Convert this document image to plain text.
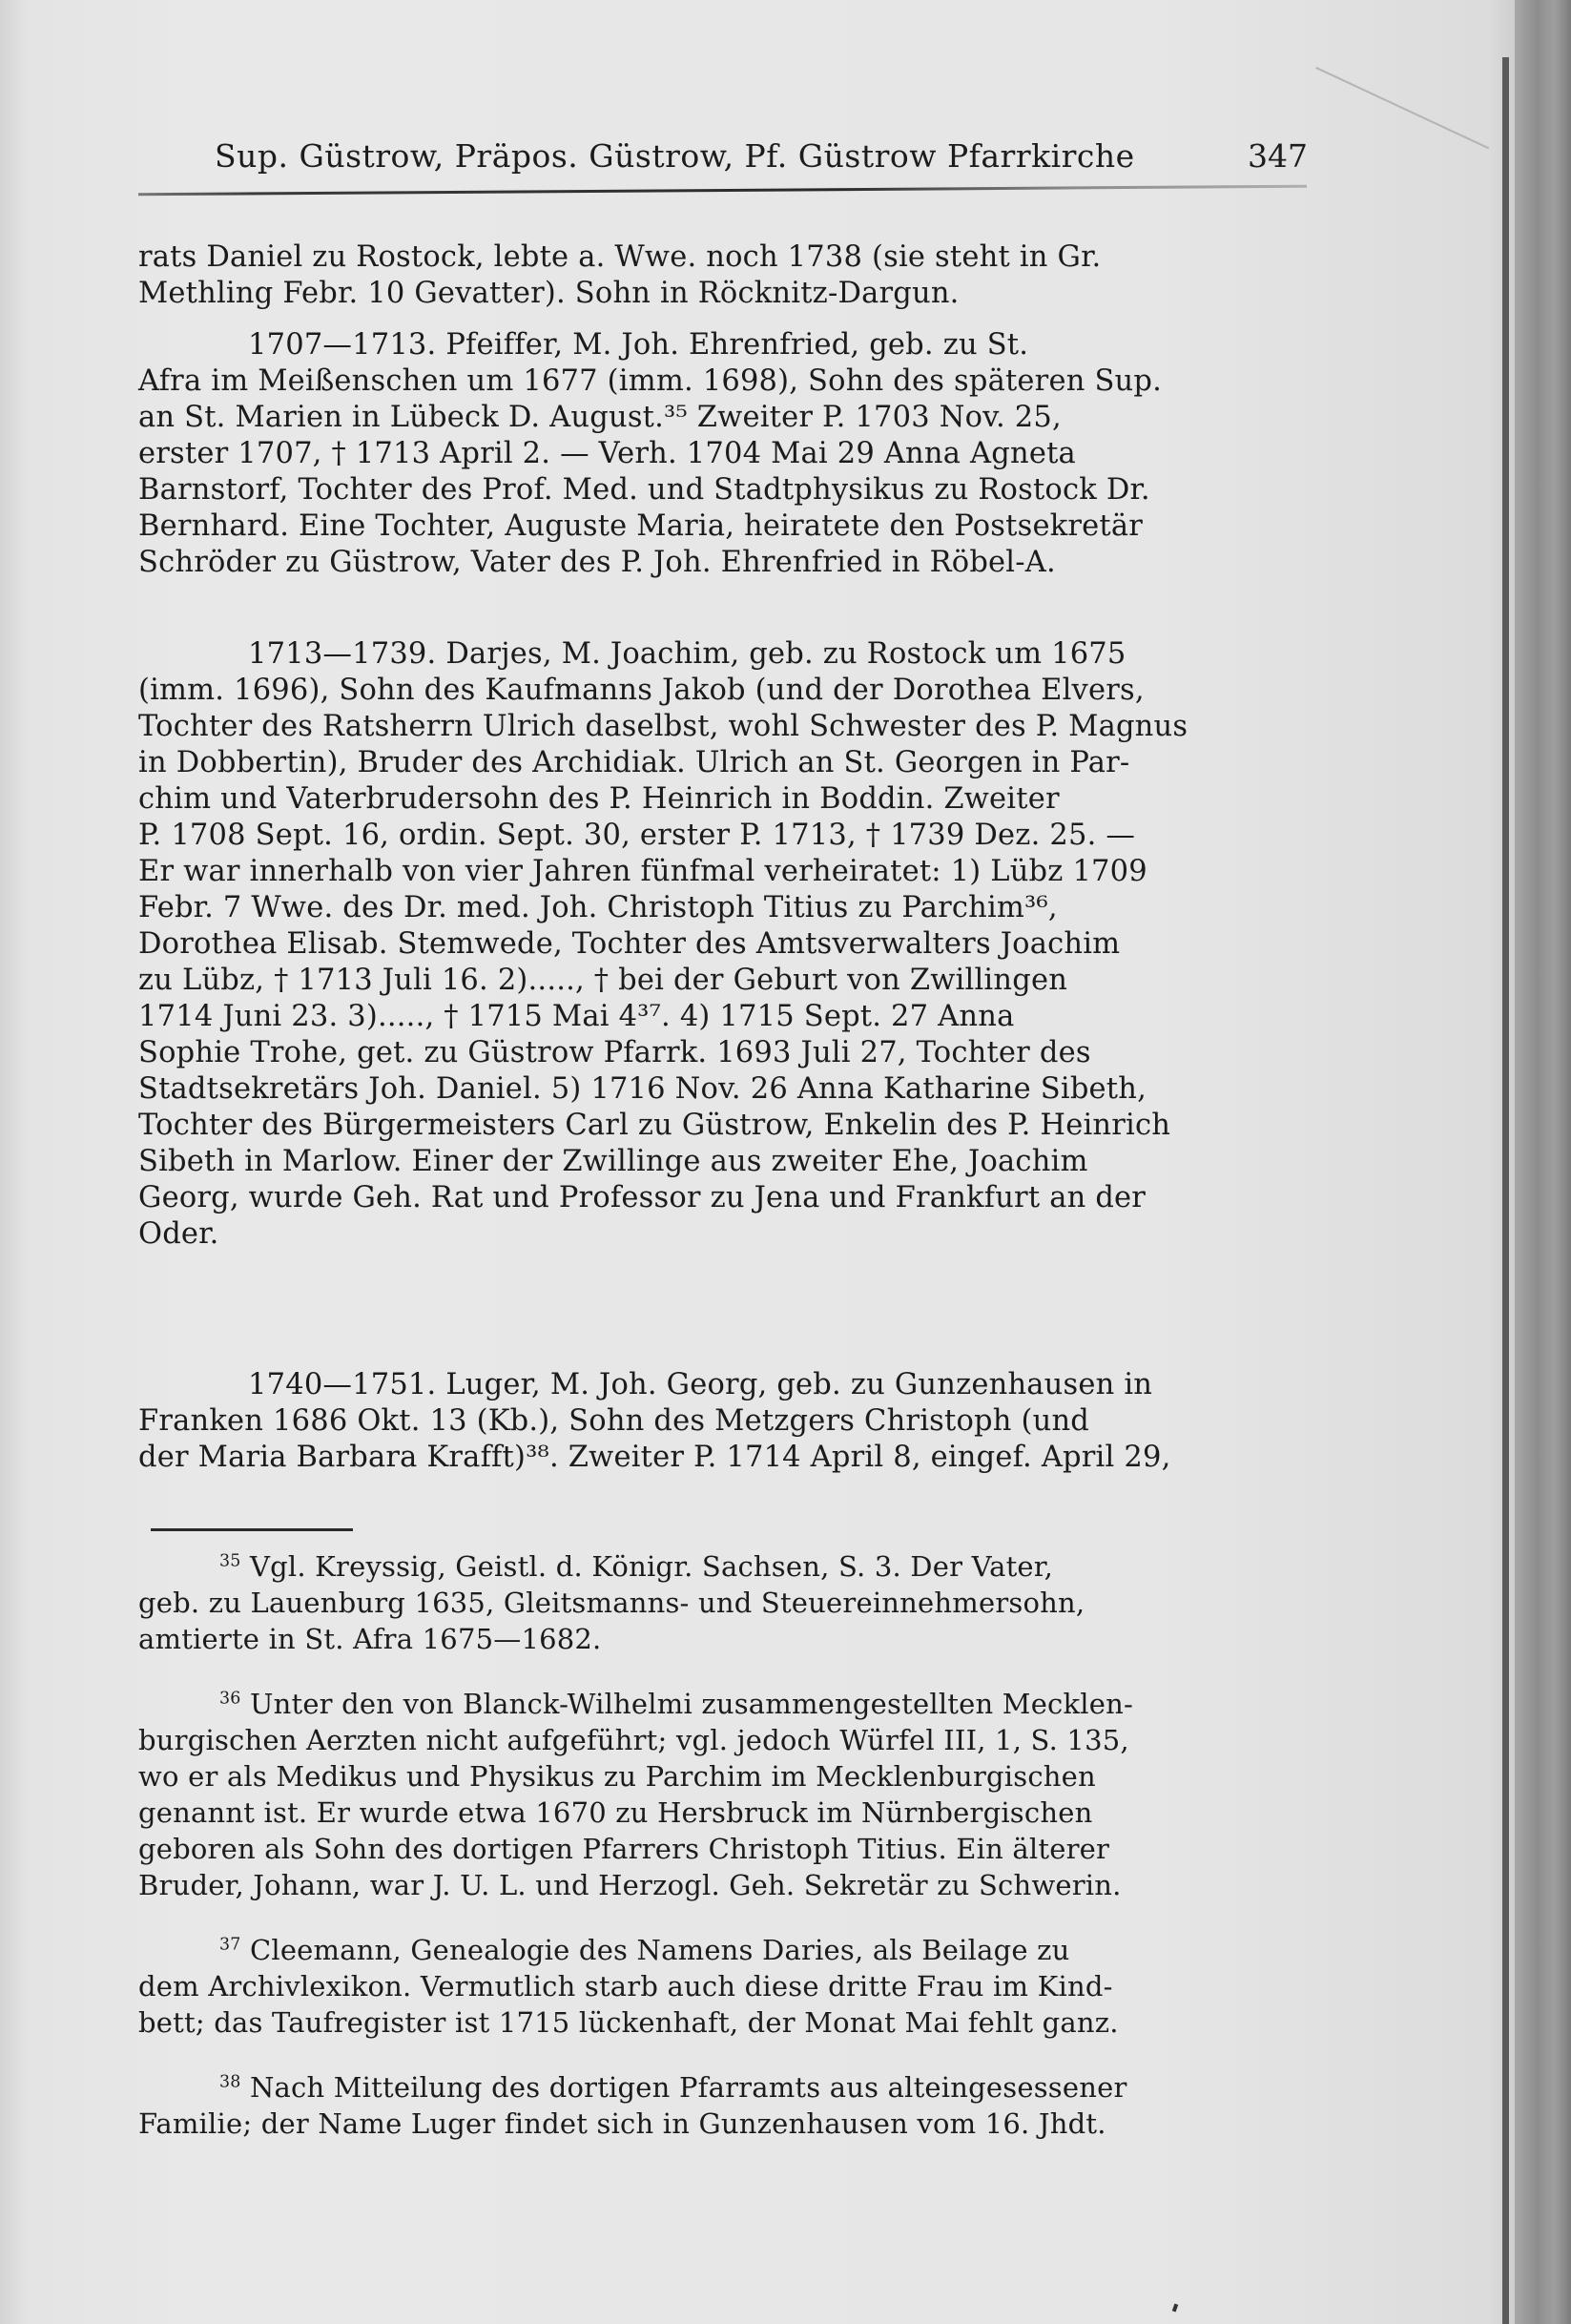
Sup. Güstrow, Präpos. Güstrow, Pf. Güstrow Pfarrkirche	347
rats Daniel zu Rostock, lebte a. Wwe. noch 1738 (sie steht in Gr.
Methling Febr. 10 Gevatter). Sohn in Röcknitz-Dargun.
1707—1713. Pfeiffer, M. Joh. Ehrenfried, geb. zu St.
Afra im Meißenschen um 1677 (imm. 1698), Sohn des späteren Sup.
an St. Marien in Lübeck D. August.³⁵ Zweiter P. 1703 Nov. 25,
erster 1707, † 1713 April 2. — Verh. 1704 Mai 29 Anna Agneta
Barnstorf, Tochter des Prof. Med. und Stadtphysikus zu Rostock Dr.
Bernhard. Eine Tochter, Auguste Maria, heiratete den Postsekretär
Schröder zu Güstrow, Vater des P. Joh. Ehrenfried in Röbel-A.
1713—1739. Darjes, M. Joachim, geb. zu Rostock um 1675
(imm. 1696), Sohn des Kaufmanns Jakob (und der Dorothea Elvers,
Tochter des Ratsherrn Ulrich daselbst, wohl Schwester des P. Magnus
in Dobbertin), Bruder des Archidiak. Ulrich an St. Georgen in Par-
chim und Vaterbrudersohn des P. Heinrich in Boddin. Zweiter
P. 1708 Sept. 16, ordin. Sept. 30, erster P. 1713, † 1739 Dez. 25. —
Er war innerhalb von vier Jahren fünfmal verheiratet: 1) Lübz 1709
Febr. 7 Wwe. des Dr. med. Joh. Christoph Titius zu Parchim³⁶,
Dorothea Elisab. Stemwede, Tochter des Amtsverwalters Joachim
zu Lübz, † 1713 Juli 16. 2)....., † bei der Geburt von Zwillingen
1714 Juni 23. 3)....., † 1715 Mai 4³⁷. 4) 1715 Sept. 27 Anna
Sophie Trohe, get. zu Güstrow Pfarrk. 1693 Juli 27, Tochter des
Stadtsekretärs Joh. Daniel. 5) 1716 Nov. 26 Anna Katharine Sibeth,
Tochter des Bürgermeisters Carl zu Güstrow, Enkelin des P. Heinrich
Sibeth in Marlow. Einer der Zwillinge aus zweiter Ehe, Joachim
Georg, wurde Geh. Rat und Professor zu Jena und Frankfurt an der
Oder.
1740—1751. Luger, M. Joh. Georg, geb. zu Gunzenhausen in
Franken 1686 Okt. 13 (Kb.), Sohn des Metzgers Christoph (und
der Maria Barbara Krafft)³⁸. Zweiter P. 1714 April 8, eingef. April 29,
$^{35}$ Vgl. Kreyssig, Geistl. d. Königr. Sachsen, S. 3. Der Vater,
geb. zu Lauenburg 1635, Gleitsmanns- und Steuereinnehmersohn,
amtierte in St. Afra 1675—1682.
$^{36}$ Unter den von Blanck-Wilhelmi zusammengestellten Mecklen-
burgischen Aerzten nicht aufgeführt; vgl. jedoch Würfel III, 1, S. 135,
wo er als Medikus und Physikus zu Parchim im Mecklenburgischen
genannt ist. Er wurde etwa 1670 zu Hersbruck im Nürnbergischen
geboren als Sohn des dortigen Pfarrers Christoph Titius. Ein älterer
Bruder, Johann, war J. U. L. und Herzogl. Geh. Sekretär zu Schwerin.
$^{37}$ Cleemann, Genealogie des Namens Daries, als Beilage zu
dem Archivlexikon. Vermutlich starb auch diese dritte Frau im Kind-
bett; das Taufregister ist 1715 lückenhaft, der Monat Mai fehlt ganz.
$^{38}$ Nach Mitteilung des dortigen Pfarramts aus alteingesessener
Familie; der Name Luger findet sich in Gunzenhausen vom 16. Jhdt.
